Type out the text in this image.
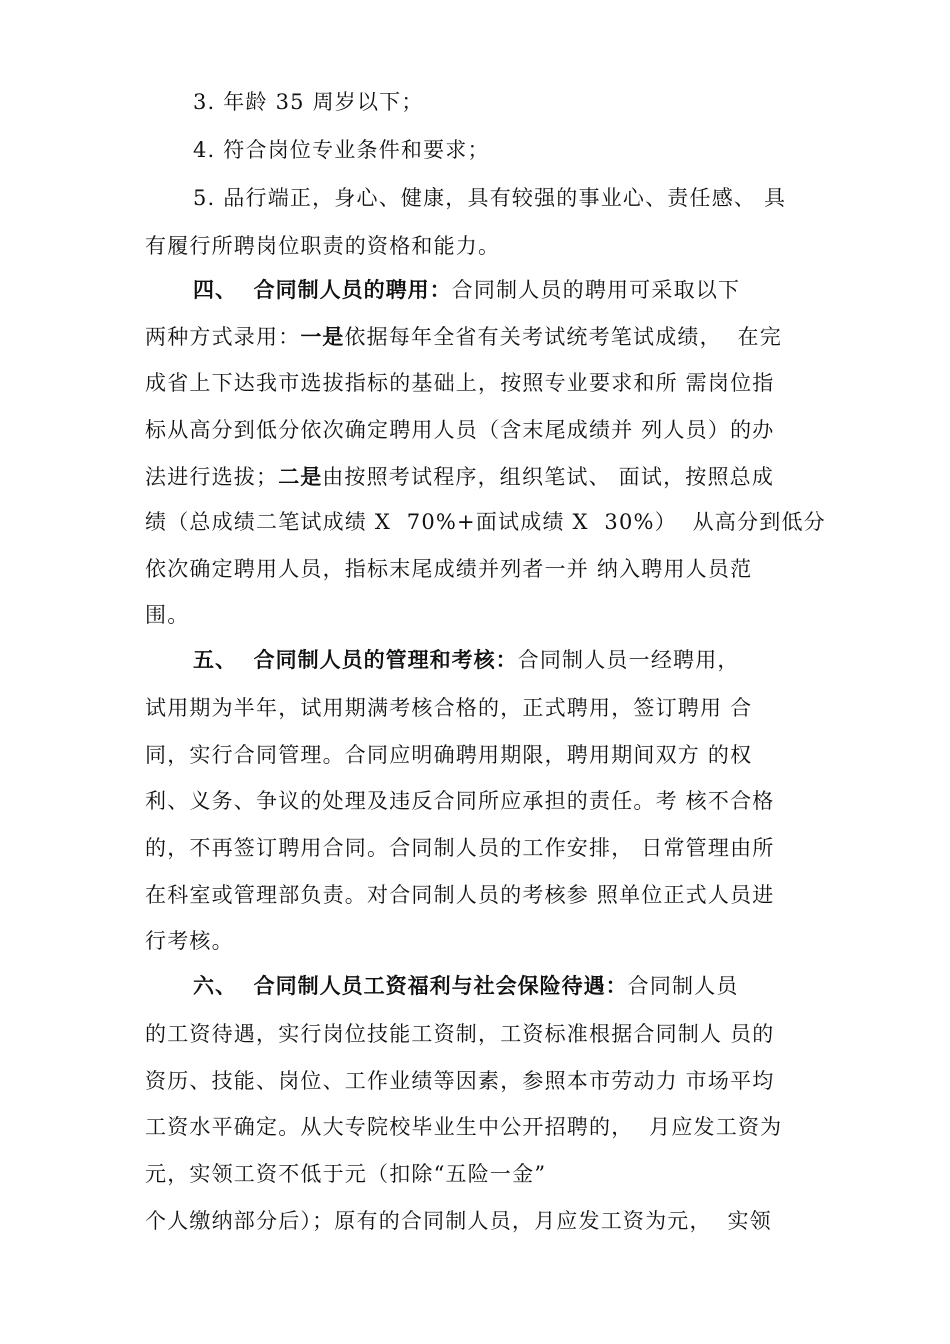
3. 年龄 35 周岁以下；
4. 符合岗位专业条件和要求；
5. 品行端正，身心、健康，具有较强的事业心、责任感、 具
有履行所聘岗位职责的资格和能力。
四、  合同制人员的聘用：合同制人员的聘用可采取以下
两种方式录用：一是依据每年全省有关考试统考笔试成绩，  在完
成省上下达我市选拔指标的基础上，按照专业要求和所 需岗位指
标从高分到低分依次确定聘用人员（含末尾成绩并 列人员）的办
法进行选拔；二是由按照考试程序，组织笔试、 面试，按照总成
绩（总成绩二笔试成绩 X  70%+面试成绩 X  30%）  从高分到低分
依次确定聘用人员，指标末尾成绩并列者一并 纳入聘用人员范
围。
五、  合同制人员的管理和考核：合同制人员一经聘用，
试用期为半年，试用期满考核合格的，正式聘用，签订聘用 合
同，实行合同管理。合同应明确聘用期限，聘用期间双方 的权
利、义务、争议的处理及违反合同所应承担的责任。考 核不合格
的，不再签订聘用合同。合同制人员的工作安排， 日常管理由所
在科室或管理部负责。对合同制人员的考核参 照单位正式人员进
行考核。
六、  合同制人员工资福利与社会保险待遇：合同制人员
的工资待遇，实行岗位技能工资制，工资标准根据合同制人 员的
资历、技能、岗位、工作业绩等因素，参照本市劳动力 市场平均
工资水平确定。从大专院校毕业生中公开招聘的，  月应发工资为
元，实领工资不低于元（扣除“五险一金”
个人缴纳部分后）；原有的合同制人员，月应发工资为元，  实领
